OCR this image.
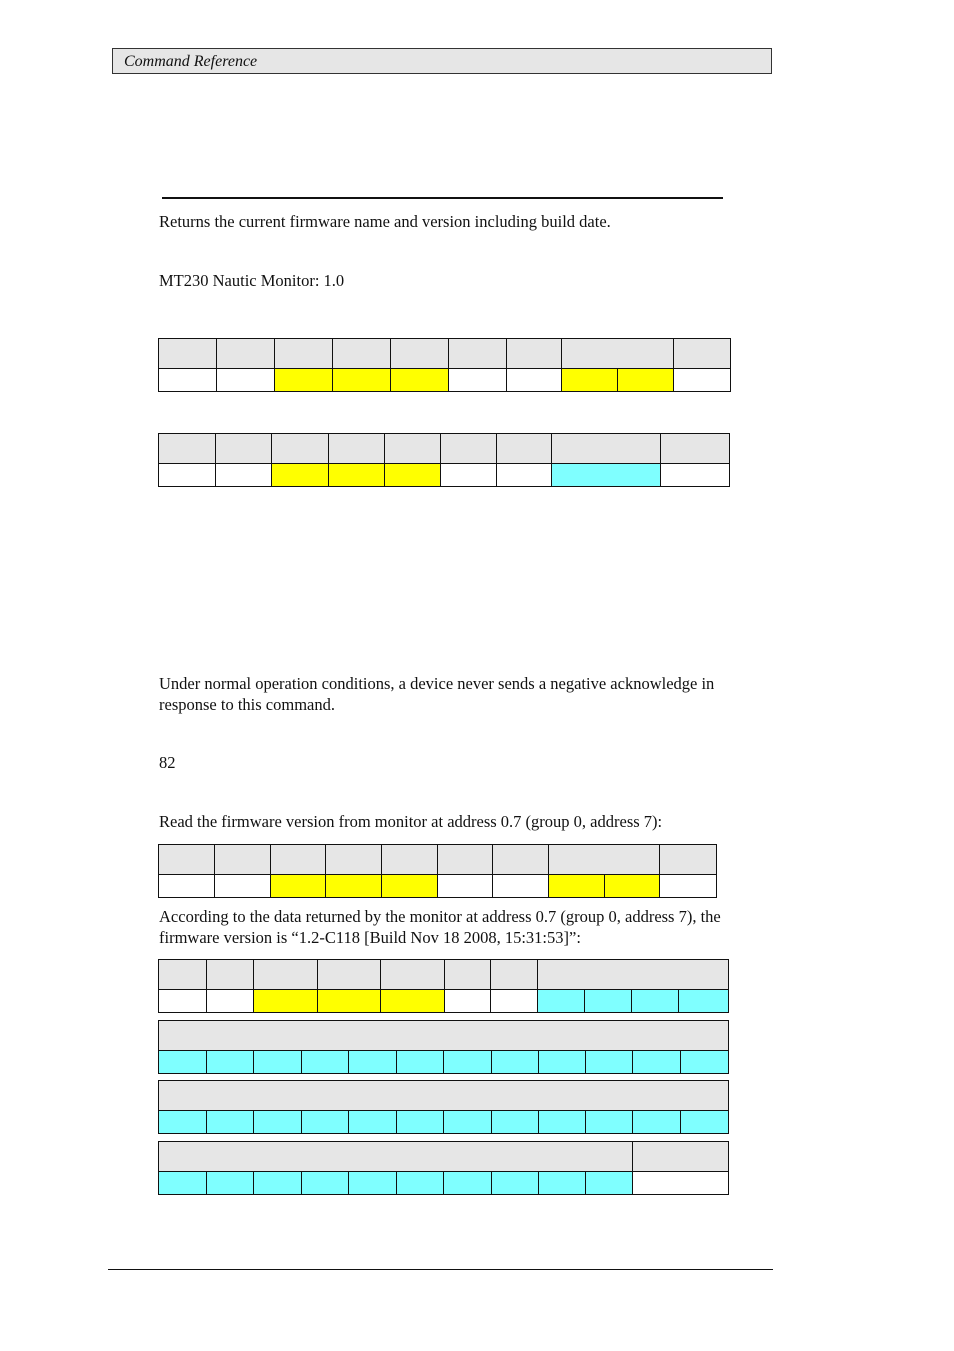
Command Reference

Returns the current firmware name and version including build date.

MT230 Nautic Monitor: 1.0

Under normal operation conditions, a device never sends a negative acknowledge in response to this command.

82

Read the firmware version from monitor at address 0.7 (group 0, address 7):

According to the data returned by the monitor at address 0.7 (group 0, address 7), the firmware version is “1.2-C118 [Build Nov 18 2008, 15:31:53]”:
